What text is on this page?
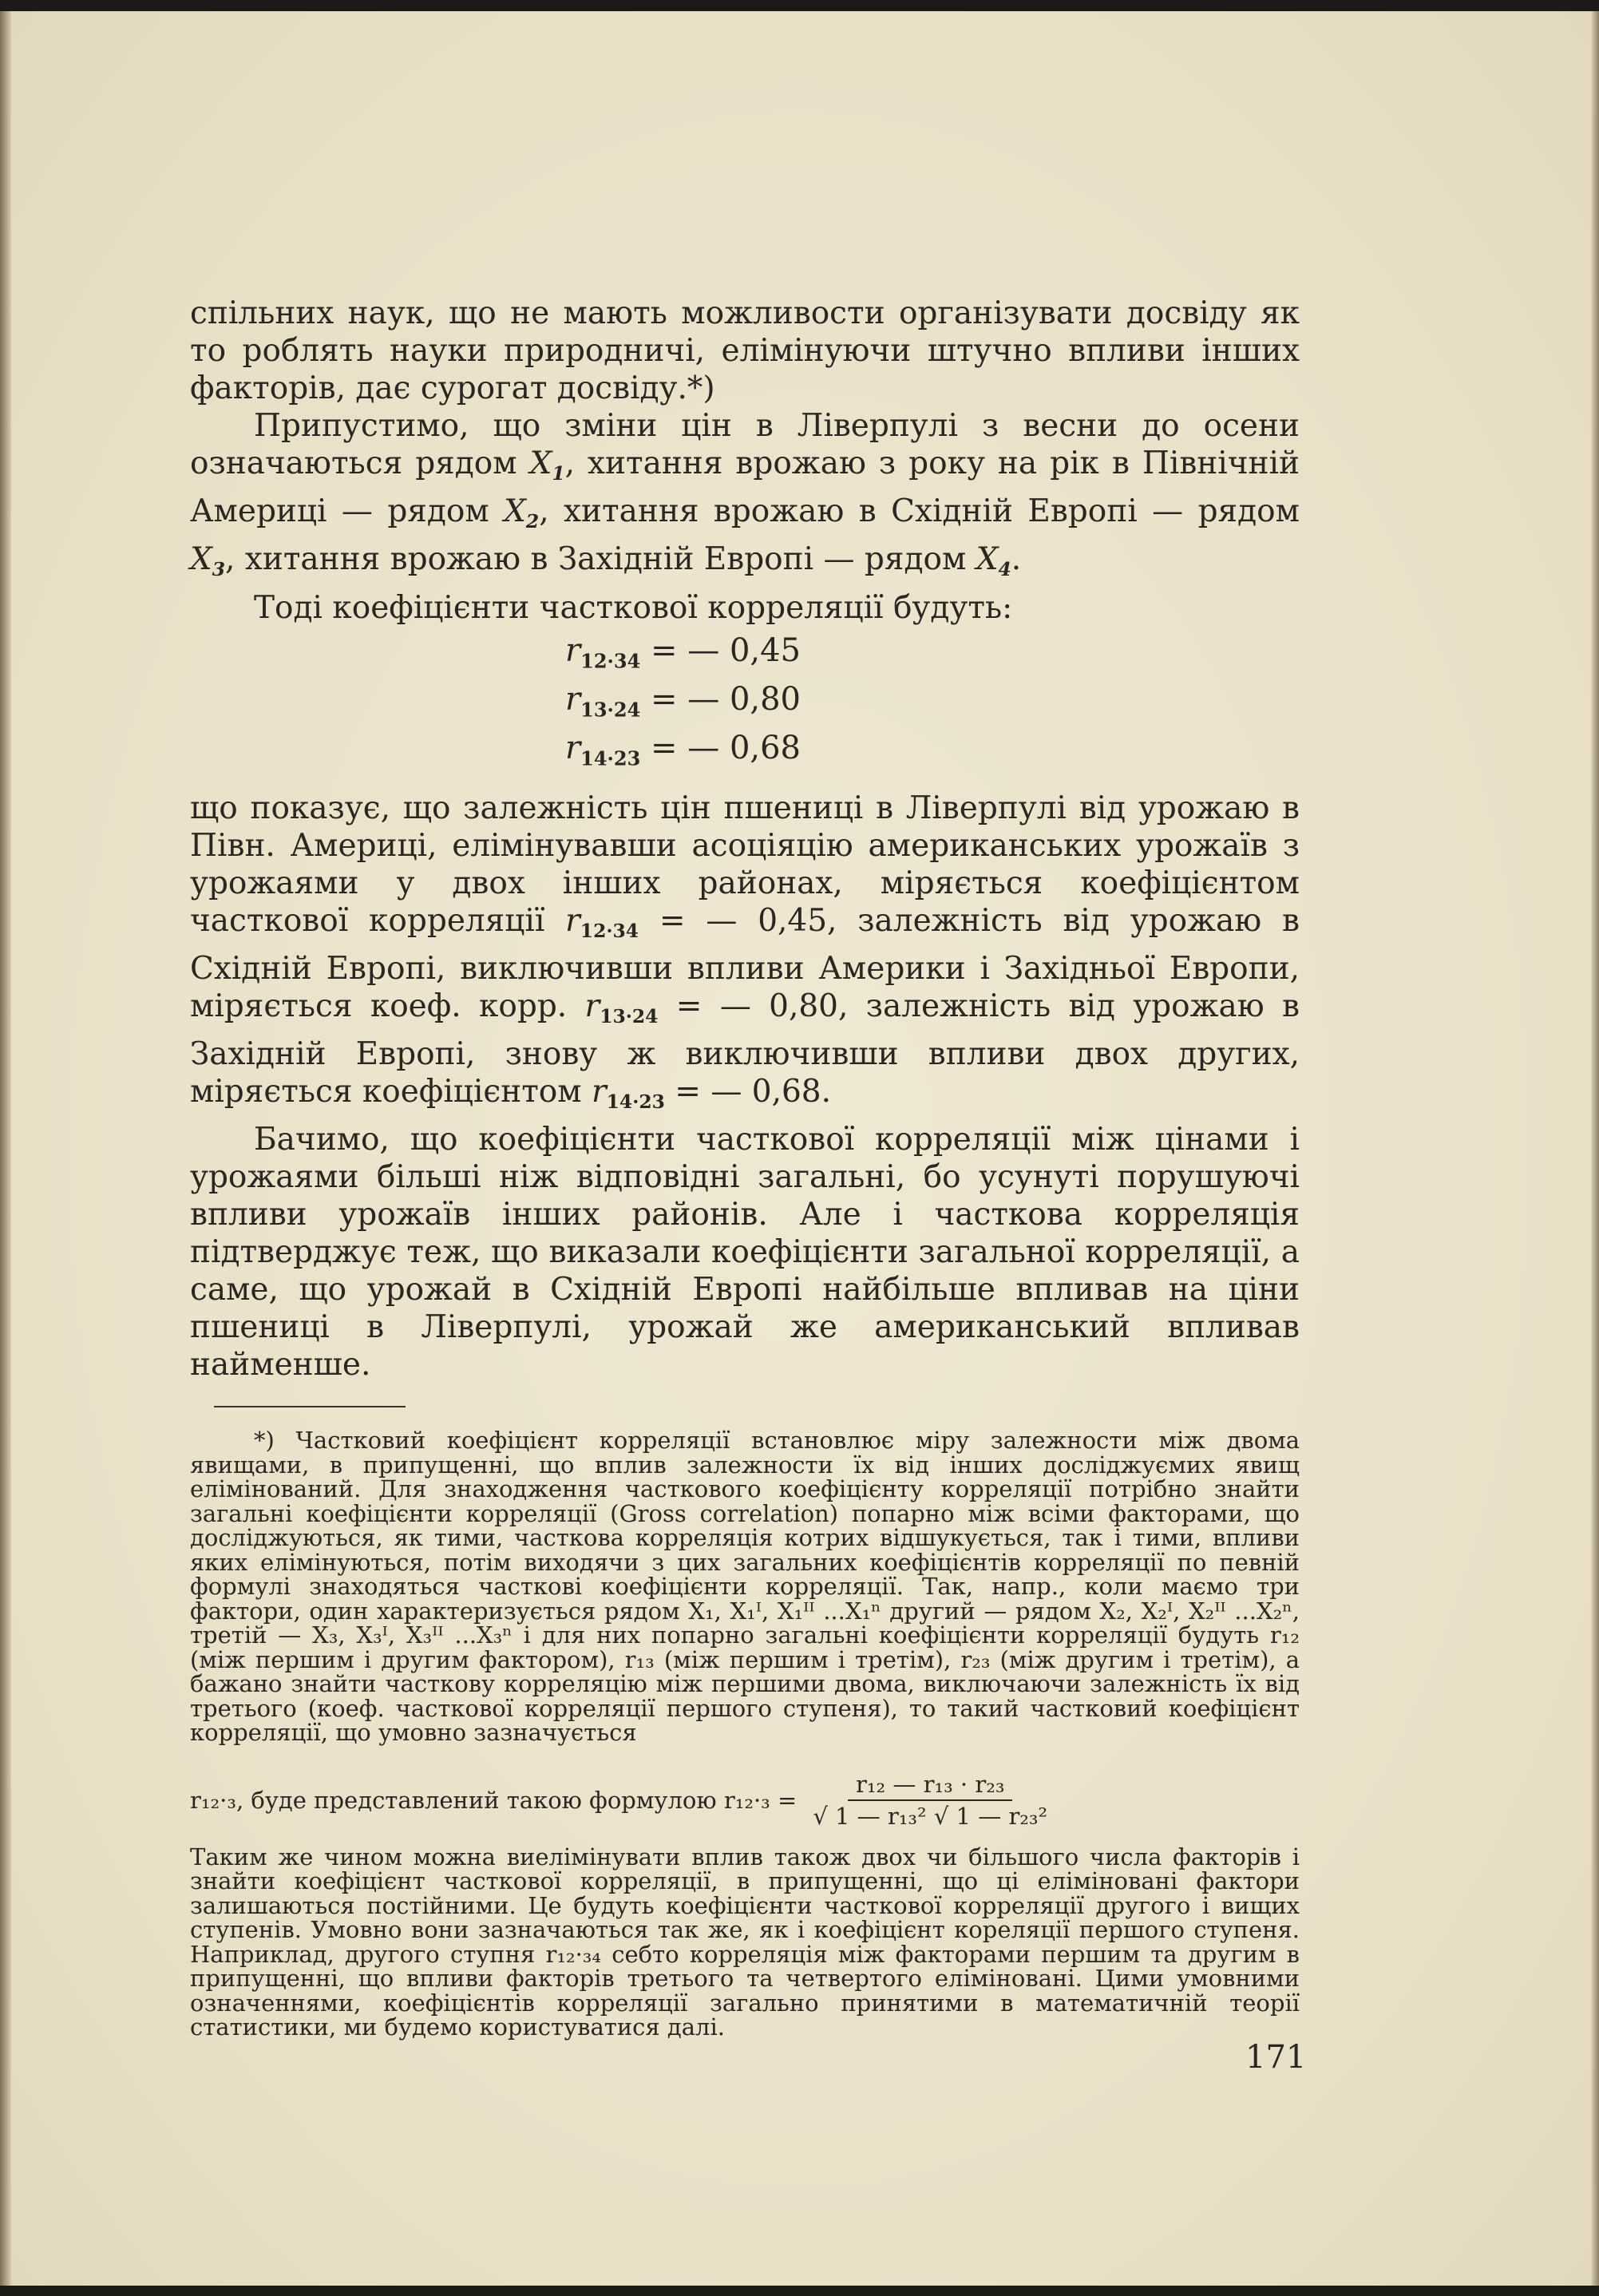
спільних наук, що не мають можливости організувати досвіду як то роблять науки природничі, елімінуючи штучно впливи інших факторів, дає сурогат досвіду.*)

Припустимо, що зміни цін в Ліверпулі з весни до осени означаються рядом $X_1$, хитання врожаю з року на рік в Північній Америці — рядом $X_2$, хитання врожаю в Східній Европі — рядом $X_3$, хитання врожаю в Західній Европі — рядом $X_4$.

Тоді коефіцієнти часткової корреляції будуть:

$r_{12\cdot 34}$ = — 0,45
$r_{13\cdot 24}$ = — 0,80
$r_{14\cdot 23}$ = — 0,68

що показує, що залежність цін пшениці в Ліверпулі від урожаю в Півн. Америці, елімінувавши асоціяцію американських урожаїв з урожаями у двох інших районах, міряється коефіцієнтом часткової корреляції $r_{12\cdot 34}$ = — 0,45, залежність від урожаю в Східній Европі, виключивши впливи Америки і Західньої Европи, міряється коеф. корр. $r_{13\cdot 24}$ = — 0,80, залежність від урожаю в Західній Европі, знову ж виключивши впливи двох других, міряється коефіцієнтом $r_{14\cdot 23}$ = — 0,68.

Бачимо, що коефіцієнти часткової корреляції між цінами і урожаями більші ніж відповідні загальні, бо усунуті порушуючі впливи урожаїв інших районів. Але і часткова корреляція підтверджує теж, що виказали коефіцієнти загальної корреляції, а саме, що урожай в Східній Европі найбільше впливав на ціни пшениці в Ліверпулі, урожай же американський впливав найменше.

*) Частковий коефіцієнт корреляції встановлює міру залежности між двома явищами, в припущенні, що вплив залежности їх від інших досліджуємих явищ елімінований. Для знаходження часткового коефіцієнту корреляції потрібно знайти загальні коефіцієнти корреляції (Gross correlation) попарно між всіми факторами, що досліджуються, як тими, часткова корреляція котрих відшукується, так і тими, впливи яких елімінуються, потім виходячи з цих загальних коефіцієнтів корреляції по певній формулі знаходяться часткові коефіцієнти корреляції. Так, напр., коли маємо три фактори, один характеризується рядом X₁, X₁ᴵ, X₁ᴵᴵ ...X₁ⁿ другий — рядом X₂, X₂ᴵ, X₂ᴵᴵ ...X₂ⁿ, третій — X₃, X₃ᴵ, X₃ᴵᴵ ...X₃ⁿ і для них попарно загальні коефіцієнти корреляції будуть r₁₂ (між першим і другим фактором), r₁₃ (між першим і третім), r₂₃ (між другим і третім), а бажано знайти часткову корреляцію між першими двома, виключаючи залежність їх від третього (коеф. часткової корреляції першого ступеня), то такий частковий коефіцієнт корреляції, що умовно зазначується

r₁₂·₃, буде представлений такою формулою $r_{12}\cdot_3 = \frac{\text{r₁₂ — r₁₃ · r₂₃}}{\text{√ 1 — r₁₃² √ 1 — r₂₃²}}$

Таким же чином можна виелімінувати вплив також двох чи більшого числа факторів і знайти коефіцієнт часткової корреляції, в припущенні, що ці еліміновані фактори залишаються постійними. Це будуть коефіцієнти часткової корреляції другого і вищих ступенів. Умовно вони зазначаються так же, як і коефіцієнт кореляції першого ступеня. Наприклад, другого ступня r₁₂·₃₄ себто корреляція між факторами першим та другим в припущенні, що впливи факторів третього та четвертого еліміновані. Цими умовними означеннями, коефіцієнтів корреляції загально принятими в математичній теорії статистики, ми будемо користуватися далі.

171
